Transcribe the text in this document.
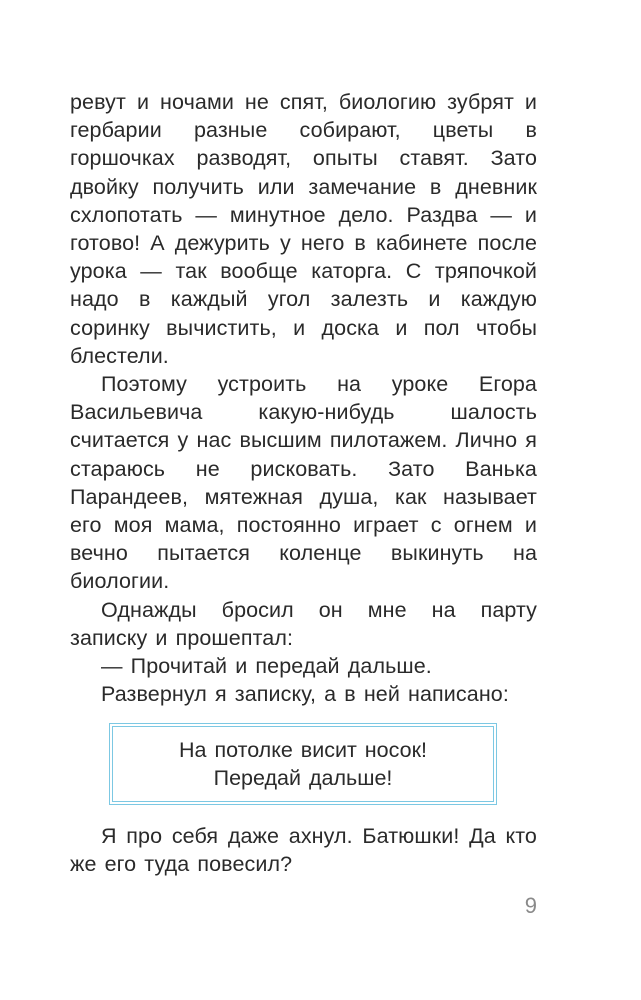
ревут и ночами не спят, биологию зубрят и гербарии разные собирают, цветы в горшочках разводят, опыты ставят. Зато двойку получить или замечание в дневник схлопотать — минутное дело. Раздва — и готово! А дежурить у него в кабинете после урока — так вообще каторга. С тряпочкой надо в каждый угол залезть и каждую соринку вычистить, и доска и пол чтобы блестели.

Поэтому устроить на уроке Егора Васильевича какую-нибудь шалость считается у нас высшим пилотажем. Лично я стараюсь не рисковать. Зато Ванька Парандеев, мятежная душа, как называет его моя мама, постоянно играет с огнем и вечно пытается коленце выкинуть на биологии.

Однажды бросил он мне на парту записку и прошептал:

— Прочитай и передай дальше.

Развернул я записку, а в ней написано:

На потолке висит носок!
Передай дальше!

Я про себя даже ахнул. Батюшки! Да кто же его туда повесил?

9
